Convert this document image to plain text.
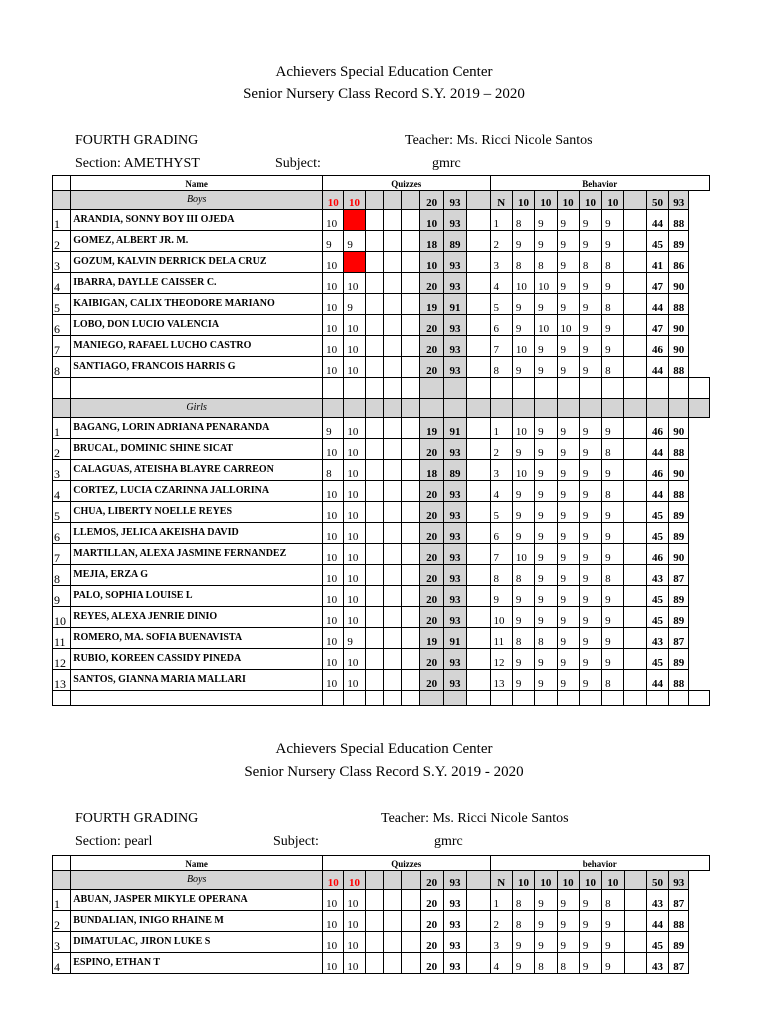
Achievers Special Education Center
Senior Nursery Class Record S.Y. 2019 – 2020
FOURTH GRADING	Teacher: Ms. Ricci Nicole Santos
Section: AMETHYST	Subject:	gmrc
	Name	Quizzes								Behavior									
	Boys	10	10				20	93		N	10	10	10	10	10		50	93	
1	ARANDIA, SONNY BOY III OJEDA	10					10	93		1	8	9	9	9	9		44	88	
2	GOMEZ, ALBERT JR. M.	9	9				18	89		2	9	9	9	9	9		45	89	
3	GOZUM, KALVIN DERRICK DELA CRUZ	10					10	93		3	8	8	9	8	8		41	86	
4	IBARRA, DAYLLE CAISSER C.	10	10				20	93		4	10	10	9	9	9		47	90	
5	KAIBIGAN, CALIX THEODORE MARIANO	10	9				19	91		5	9	9	9	9	8		44	88	
6	LOBO, DON LUCIO VALENCIA	10	10				20	93		6	9	10	10	9	9		47	90	
7	MANIEGO, RAFAEL LUCHO CASTRO	10	10				20	93		7	10	9	9	9	9		46	90	
8	SANTIAGO, FRANCOIS HARRIS G	10	10				20	93		8	9	9	9	9	8		44	88	

	Girls																		
1	BAGANG, LORIN ADRIANA PENARANDA	9	10				19	91		1	10	9	9	9	9		46	90	
2	BRUCAL, DOMINIC SHINE SICAT	10	10				20	93		2	9	9	9	9	8		44	88	
3	CALAGUAS, ATEISHA BLAYRE CARREON	8	10				18	89		3	10	9	9	9	9		46	90	
4	CORTEZ, LUCIA CZARINNA JALLORINA	10	10				20	93		4	9	9	9	9	8		44	88	
5	CHUA, LIBERTY NOELLE REYES	10	10				20	93		5	9	9	9	9	9		45	89	
6	LLEMOS, JELICA AKEISHA DAVID	10	10				20	93		6	9	9	9	9	9		45	89	
7	MARTILLAN, ALEXA JASMINE FERNANDEZ	10	10				20	93		7	10	9	9	9	9		46	90	
8	MEJIA, ERZA G	10	10				20	93		8	8	9	9	9	8		43	87	
9	PALO, SOPHIA LOUISE L	10	10				20	93		9	9	9	9	9	9		45	89	
10	REYES, ALEXA JENRIE DINIO	10	10				20	93		10	9	9	9	9	9		45	89	
11	ROMERO, MA. SOFIA BUENAVISTA	10	9				19	91		11	8	8	9	9	9		43	87	
12	RUBIO, KOREEN CASSIDY PINEDA	10	10				20	93		12	9	9	9	9	9		45	89	
13	SANTOS, GIANNA MARIA MALLARI	10	10				20	93		13	9	9	9	9	8		44	88	

Achievers Special Education Center
Senior Nursery Class Record S.Y. 2019 - 2020
FOURTH GRADING	Teacher: Ms. Ricci Nicole Santos
Section: pearl	Subject:	gmrc
	Name	Quizzes								behavior								
	Boys	10	10				20	93		N	10	10	10	10	10		50	93
1	ABUAN, JASPER MIKYLE OPERANA	10	10				20	93		1	8	9	9	9	8		43	87
2	BUNDALIAN, INIGO RHAINE M	10	10				20	93		2	8	9	9	9	9		44	88
3	DIMATULAC, JIRON LUKE S	10	10				20	93		3	9	9	9	9	9		45	89
4	ESPINO, ETHAN T	10	10				20	93		4	9	8	8	9	9		43	87
